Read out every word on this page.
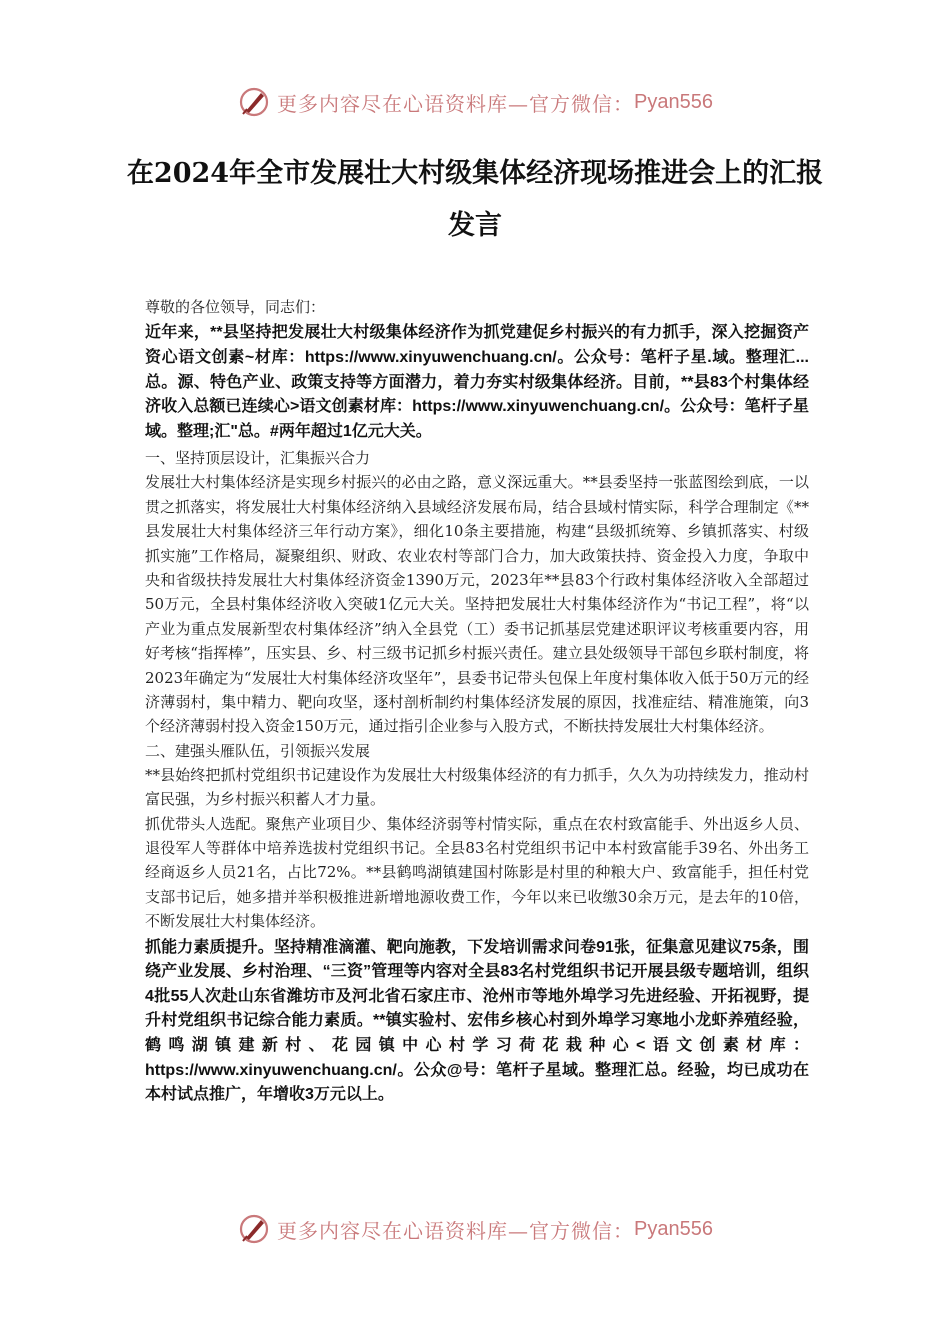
更多内容尽在心语资料库—官方微信： Pyan556
在2024年全市发展壮大村级集体经济现场推进会上的汇报发言

尊敬的各位领导，同志们：

近年来，**县坚持把发展壮大村级集体经济作为抓党建促乡村振兴的有力抓手，深入挖掘资产资心语文创素~材库：https://www.xinyuwenchuang.cn/。公众号：笔杆子星.域。整理汇...总。源、特色产业、政策支持等方面潜力，着力夯实村级集体经济。目前，**县83个村集体经济收入总额已连续心>语文创素材库：https://www.xinyuwenchuang.cn/。公众号：笔杆子星域。整理;汇"总。#两年超过1亿元大关。

一、坚持顶层设计，汇集振兴合力

发展壮大村集体经济是实现乡村振兴的必由之路，意义深远重大。**县委坚持一张蓝图绘到底，一以贯之抓落实，将发展壮大村集体经济纳入县域经济发展布局，结合县域村情实际，科学合理制定《**县发展壮大村集体经济三年行动方案》，细化10条主要措施，构建“县级抓统筹、乡镇抓落实、村级抓实施”工作格局，凝聚组织、财政、农业农村等部门合力，加大政策扶持、资金投入力度，争取中央和省级扶持发展壮大村集体经济资金1390万元，2023年**县83个行政村集体经济收入全部超过50万元，全县村集体经济收入突破1亿元大关。坚持把发展壮大村集体经济作为“书记工程”，将“以产业为重点发展新型农村集体经济”纳入全县党（工）委书记抓基层党建述职评议考核重要内容，用好考核“指挥棒”，压实县、乡、村三级书记抓乡村振兴责任。建立县处级领导干部包乡联村制度，将2023年确定为“发展壮大村集体经济攻坚年”，县委书记带头包保上年度村集体收入低于50万元的经济薄弱村，集中精力、靶向攻坚，逐村剖析制约村集体经济发展的原因，找准症结、精准施策，向3个经济薄弱村投入资金150万元，通过指引企业参与入股方式，不断扶持发展壮大村集体经济。

二、建强头雁队伍，引领振兴发展

**县始终把抓村党组织书记建设作为发展壮大村级集体经济的有力抓手，久久为功持续发力，推动村富民强，为乡村振兴积蓄人才力量。

抓优带头人选配。聚焦产业项目少、集体经济弱等村情实际，重点在农村致富能手、外出返乡人员、退役军人等群体中培养选拔村党组织书记。全县83名村党组织书记中本村致富能手39名、外出务工经商返乡人员21名，占比72%。**县鹤鸣湖镇建国村陈影是村里的种粮大户、致富能手，担任村党支部书记后，她多措并举积极推进新增地源收费工作，今年以来已收缴30余万元，是去年的10倍，不断发展壮大村集体经济。

抓能力素质提升。坚持精准滴灌、靶向施教，下发培训需求问卷91张，征集意见建议75条，围绕产业发展、乡村治理、“三资”管理等内容对全县83名村党组织书记开展县级专题培训，组织4批55人次赴山东省潍坊市及河北省石家庄市、沧州市等地外埠学习先进经验、开拓视野，提升村党组织书记综合能力素质。**镇实验村、宏伟乡核心村到外埠学习寒地小龙虾养殖经验，鹤鸣湖镇建新村、花园镇中心村学习荷花栽种心<语文创素材库：https://www.xinyuwenchuang.cn/。公众@号：笔杆子星域。整理汇总。经验，均已成功在本村试点推广，年增收3万元以上。

更多内容尽在心语资料库—官方微信： Pyan556
